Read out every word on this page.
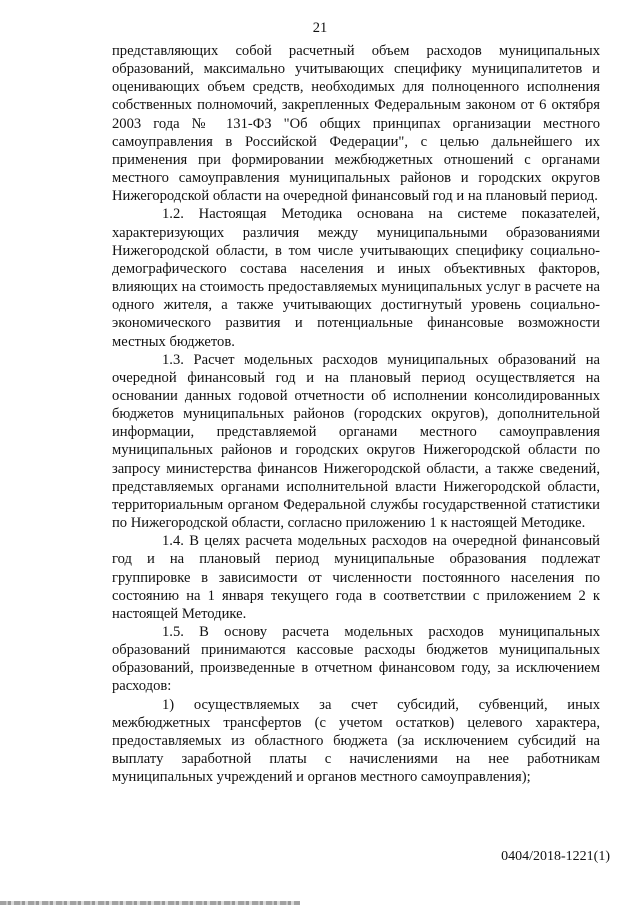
21

представляющих собой расчетный объем расходов муниципальных образований, максимально учитывающих специфику муниципалитетов и оценивающих объем средств, необходимых для полноценного исполнения собственных полномочий, закрепленных Федеральным законом от 6 октября 2003 года № 131-ФЗ "Об общих принципах организации местного самоуправления в Российской Федерации", с целью дальнейшего их применения при формировании межбюджетных отношений с органами местного самоуправления муниципальных районов и городских округов Нижегородской области на очередной финансовый год и на плановый период.

1.2. Настоящая Методика основана на системе показателей, характеризующих различия между муниципальными образованиями Нижегородской области, в том числе учитывающих специфику социально-демографического состава населения и иных объективных факторов, влияющих на стоимость предоставляемых муниципальных услуг в расчете на одного жителя, а также учитывающих достигнутый уровень социально-экономического развития и потенциальные финансовые возможности местных бюджетов.

1.3. Расчет модельных расходов муниципальных образований на очередной финансовый год и на плановый период осуществляется на основании данных годовой отчетности об исполнении консолидированных бюджетов муниципальных районов (городских округов), дополнительной информации, представляемой органами местного самоуправления муниципальных районов и городских округов Нижегородской области по запросу министерства финансов Нижегородской области, а также сведений, представляемых органами исполнительной власти Нижегородской области, территориальным органом Федеральной службы государственной статистики по Нижегородской области, согласно приложению 1 к настоящей Методике.

1.4. В целях расчета модельных расходов на очередной финансовый год и на плановый период муниципальные образования подлежат группировке в зависимости от численности постоянного населения по состоянию на 1 января текущего года в соответствии с приложением 2 к настоящей Методике.

1.5. В основу расчета модельных расходов муниципальных образований принимаются кассовые расходы бюджетов муниципальных образований, произведенные в отчетном финансовом году, за исключением расходов:

1) осуществляемых за счет субсидий, субвенций, иных межбюджетных трансфертов (с учетом остатков) целевого характера, предоставляемых из областного бюджета (за исключением субсидий на выплату заработной платы с начислениями на нее работникам муниципальных учреждений и органов местного самоуправления);

0404/2018-1221(1)
